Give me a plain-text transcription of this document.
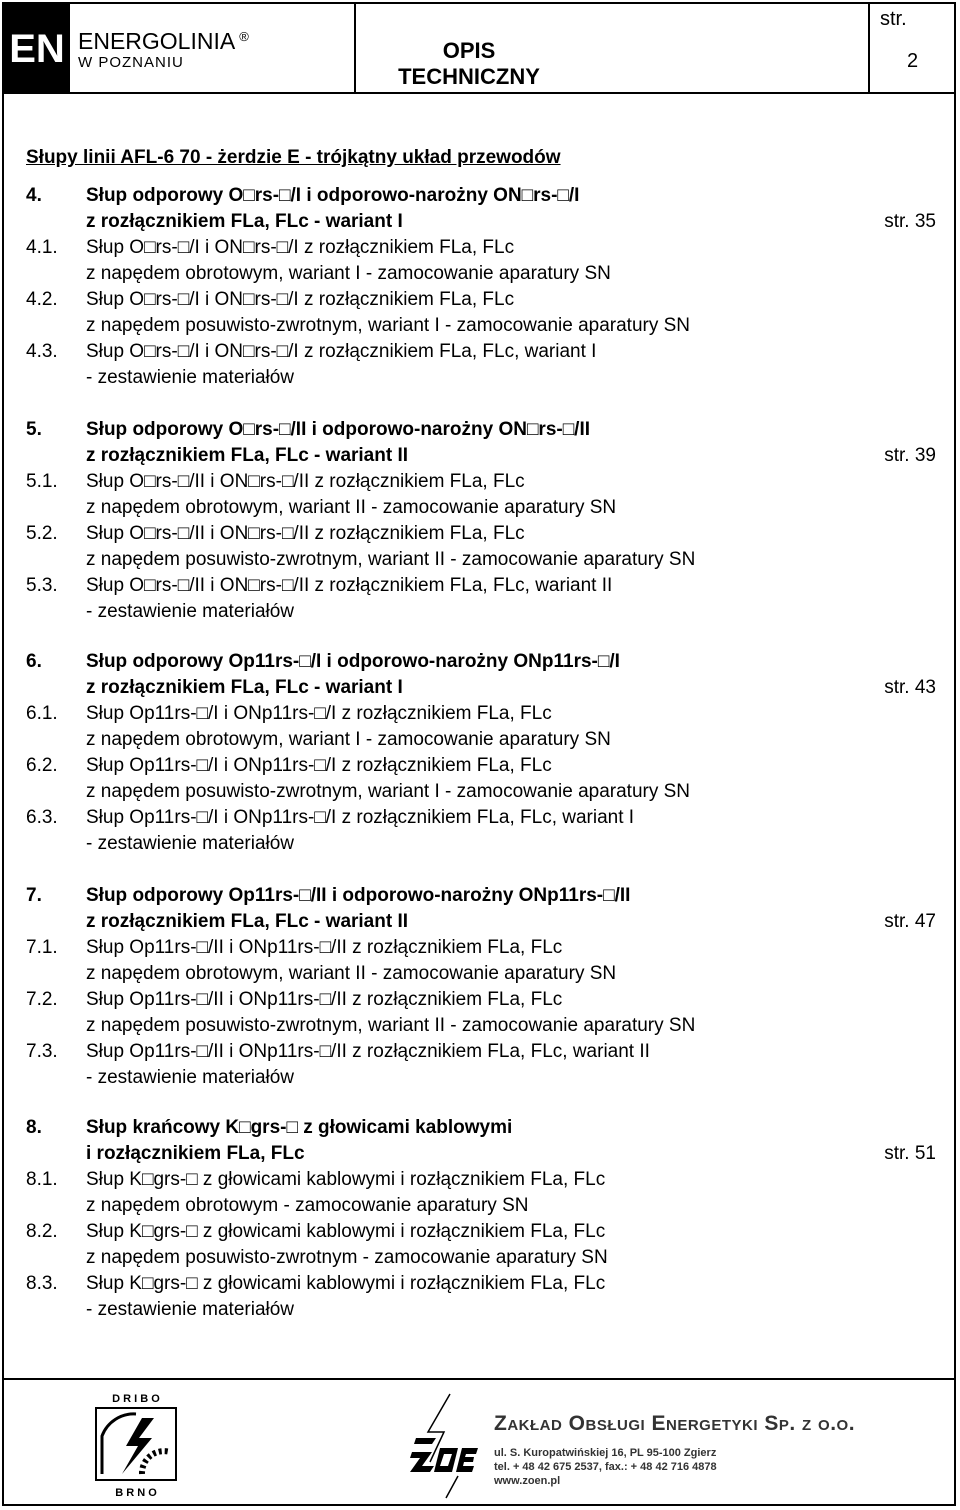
EN ENERGOLINIA ®
W POZNANIU	OPIS TECHNICZNY
str.
2
Słupy linii AFL-6 70 - żerdzie E - trójkątny układ przewodów
4. Słup odporowy O□rs-□/I i odporowo-narożny ON□rs-□/I
z rozłącznikiem FLa, FLc - wariant I	str. 35
4.1. Słup O□rs-□/I i ON□rs-□/I z rozłącznikiem FLa, FLc
z napędem obrotowym, wariant I - zamocowanie aparatury SN
4.2. Słup O□rs-□/I i ON□rs-□/I z rozłącznikiem FLa, FLc
z napędem posuwisto-zwrotnym, wariant I - zamocowanie aparatury SN
4.3. Słup O□rs-□/I i ON□rs-□/I z rozłącznikiem FLa, FLc, wariant I
- zestawienie materiałów
5. Słup odporowy O□rs-□/II i odporowo-narożny ON□rs-□/II
z rozłącznikiem FLa, FLc - wariant II	str. 39
5.1. Słup O□rs-□/II i ON□rs-□/II z rozłącznikiem FLa, FLc
z napędem obrotowym, wariant II - zamocowanie aparatury SN
5.2. Słup O□rs-□/II i ON□rs-□/II z rozłącznikiem FLa, FLc
z napędem posuwisto-zwrotnym, wariant II - zamocowanie aparatury SN
5.3. Słup O□rs-□/II i ON□rs-□/II z rozłącznikiem FLa, FLc, wariant II
- zestawienie materiałów
6. Słup odporowy Op11rs-□/I i odporowo-narożny ONp11rs-□/I
z rozłącznikiem FLa, FLc - wariant I	str. 43
6.1. Słup Op11rs-□/I i ONp11rs-□/I z rozłącznikiem FLa, FLc
z napędem obrotowym, wariant I - zamocowanie aparatury SN
6.2. Słup Op11rs-□/I i ONp11rs-□/I z rozłącznikiem FLa, FLc
z napędem posuwisto-zwrotnym, wariant I - zamocowanie aparatury SN
6.3. Słup Op11rs-□/I i ONp11rs-□/I z rozłącznikiem FLa, FLc, wariant I
- zestawienie materiałów
7. Słup odporowy Op11rs-□/II i odporowo-narożny ONp11rs-□/II
z rozłącznikiem FLa, FLc - wariant II	str. 47
7.1. Słup Op11rs-□/II i ONp11rs-□/II z rozłącznikiem FLa, FLc
z napędem obrotowym, wariant II - zamocowanie aparatury SN
7.2. Słup Op11rs-□/II i ONp11rs-□/II z rozłącznikiem FLa, FLc
z napędem posuwisto-zwrotnym, wariant II - zamocowanie aparatury SN
7.3. Słup Op11rs-□/II i ONp11rs-□/II z rozłącznikiem FLa, FLc, wariant II
- zestawienie materiałów
8. Słup krańcowy K□grs-□ z głowicami kablowymi
i rozłącznikiem FLa, FLc	str. 51
8.1. Słup K□grs-□ z głowicami kablowymi i rozłącznikiem FLa, FLc
z napędem obrotowym - zamocowanie aparatury SN
8.2. Słup K□grs-□ z głowicami kablowymi i rozłącznikiem FLa, FLc
z napędem posuwisto-zwrotnym - zamocowanie aparatury SN
8.3. Słup K□grs-□ z głowicami kablowymi i rozłącznikiem FLa, FLc
- zestawienie materiałów
D R I B O
B R N O
Zakład Obsługi Energetyki Sp. z o.o.
ul. S. Kuropatwińskiej 16, PL 95-100 Zgierz
tel. + 48 42 675 2537, fax.: + 48 42 716 4878
www.zoen.pl
